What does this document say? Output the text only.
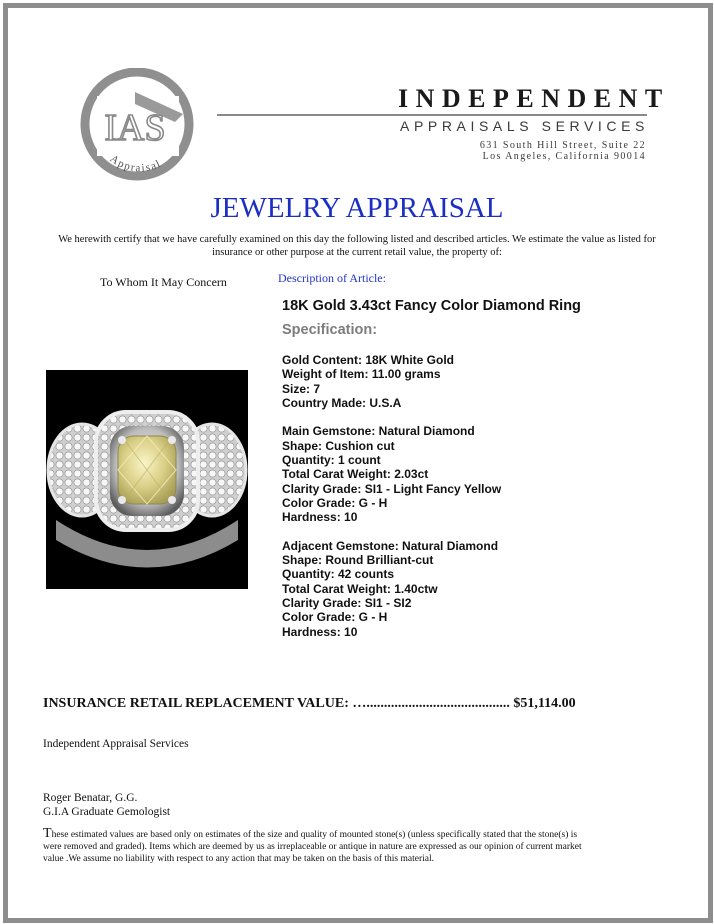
IAS
Appraisal
INDEPENDENT
APPRAISALS SERVICES
631 South Hill Street, Suite 22
Los Angeles, California 90014
JEWELRY APPRAISAL
We herewith certify that we have carefully examined on this day the following listed and described articles. We estimate the value as listed for insurance or other purpose at the current retail value, the property of:
To Whom It May Concern	Description of Article:
18K Gold 3.43ct Fancy Color Diamond Ring
Specification:
Gold Content: 18K White Gold
Weight of Item: 11.00 grams
Size: 7
Country Made: U.S.A
Main Gemstone: Natural Diamond
Shape: Cushion cut
Quantity: 1 count
Total Carat Weight: 2.03ct
Clarity Grade: SI1 - Light Fancy Yellow
Color Grade: G - H
Hardness: 10
Adjacent Gemstone: Natural Diamond
Shape: Round Brilliant-cut
Quantity: 42 counts
Total Carat Weight: 1.40ctw
Clarity Grade: SI1 - SI2
Color Grade: G - H
Hardness: 10
INSURANCE RETAIL REPLACEMENT VALUE: …......................................... $51,114.00
Independent Appraisal Services
Roger Benatar, G.G.
G.I.A Graduate Gemologist
These estimated values are based only on estimates of the size and quality of mounted stone(s) (unless specifically stated that the stone(s) is were removed and graded). Items which are deemed by us as irreplaceable or antique in nature are expressed as our opinion of current market value .We assume no liability with respect to any action that may be taken on the basis of this material.
